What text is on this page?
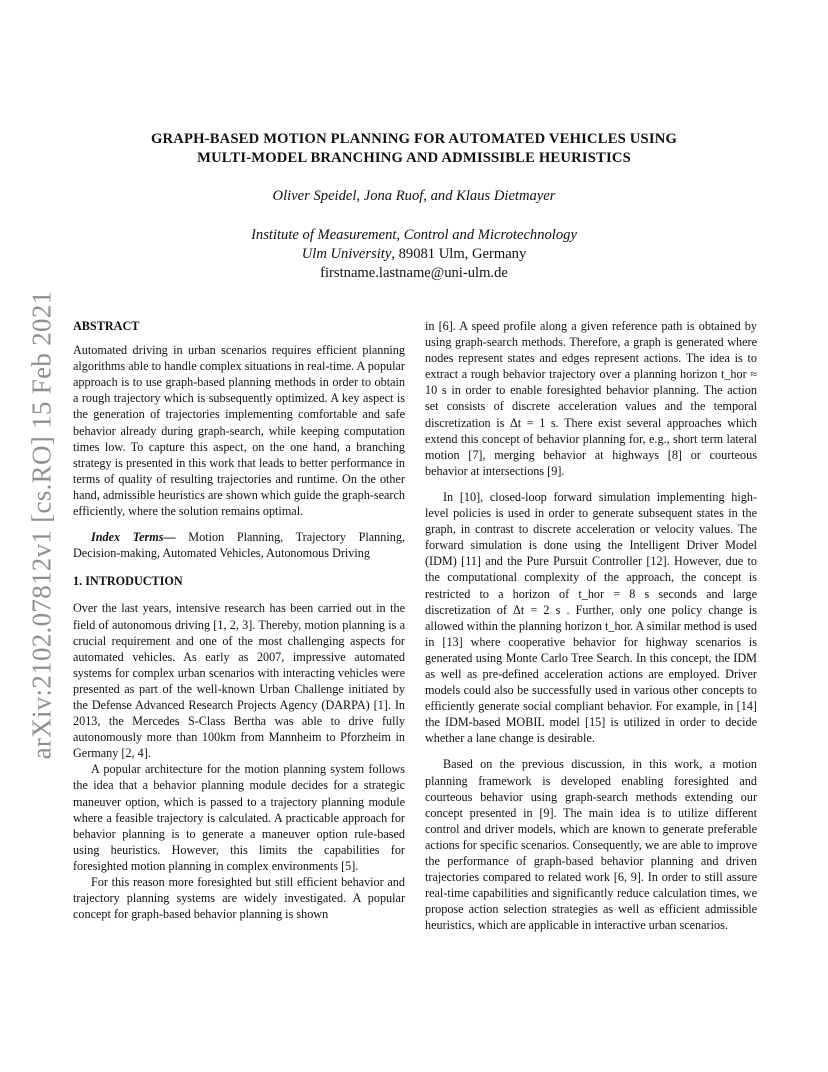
arXiv:2102.07812v1 [cs.RO] 15 Feb 2021
GRAPH-BASED MOTION PLANNING FOR AUTOMATED VEHICLES USING
MULTI-MODEL BRANCHING AND ADMISSIBLE HEURISTICS
Oliver Speidel, Jona Ruof, and Klaus Dietmayer
Institute of Measurement, Control and Microtechnology
Ulm University, 89081 Ulm, Germany
firstname.lastname@uni-ulm.de

ABSTRACT

Automated driving in urban scenarios requires efficient planning algorithms able to handle complex situations in real-time. A popular approach is to use graph-based planning methods in order to obtain a rough trajectory which is subsequently optimized. A key aspect is the generation of trajectories implementing comfortable and safe behavior already during graph-search, while keeping computation times low. To capture this aspect, on the one hand, a branching strategy is presented in this work that leads to better performance in terms of quality of resulting trajectories and runtime. On the other hand, admissible heuristics are shown which guide the graph-search efficiently, where the solution remains optimal.

Index Terms— Motion Planning, Trajectory Planning, Decision-making, Automated Vehicles, Autonomous Driving

1. INTRODUCTION

Over the last years, intensive research has been carried out in the field of autonomous driving [1, 2, 3]. Thereby, motion planning is a crucial requirement and one of the most challenging aspects for automated vehicles. As early as 2007, impressive automated systems for complex urban scenarios with interacting vehicles were presented as part of the well-known Urban Challenge initiated by the Defense Advanced Research Projects Agency (DARPA) [1]. In 2013, the Mercedes S-Class Bertha was able to drive fully autonomously more than 100km from Mannheim to Pforzheim in Germany [2, 4].

A popular architecture for the motion planning system follows the idea that a behavior planning module decides for a strategic maneuver option, which is passed to a trajectory planning module where a feasible trajectory is calculated. A practicable approach for behavior planning is to generate a maneuver option rule-based using heuristics. However, this limits the capabilities for foresighted motion planning in complex environments [5].

For this reason more foresighted but still efficient behavior and trajectory planning systems are widely investigated. A popular concept for graph-based behavior planning is shown

in [6]. A speed profile along a given reference path is obtained by using graph-search methods. Therefore, a graph is generated where nodes represent states and edges represent actions. The idea is to extract a rough behavior trajectory over a planning horizon t_hor ≈ 10 s in order to enable foresighted behavior planning. The action set consists of discrete acceleration values and the temporal discretization is Δt = 1 s. There exist several approaches which extend this concept of behavior planning for, e.g., short term lateral motion [7], merging behavior at highways [8] or courteous behavior at intersections [9].

In [10], closed-loop forward simulation implementing high-level policies is used in order to generate subsequent states in the graph, in contrast to discrete acceleration or velocity values. The forward simulation is done using the Intelligent Driver Model (IDM) [11] and the Pure Pursuit Controller [12]. However, due to the computational complexity of the approach, the concept is restricted to a horizon of t_hor = 8 s seconds and large discretization of Δt = 2 s . Further, only one policy change is allowed within the planning horizon t_hor. A similar method is used in [13] where cooperative behavior for highway scenarios is generated using Monte Carlo Tree Search. In this concept, the IDM as well as pre-defined acceleration actions are employed. Driver models could also be successfully used in various other concepts to efficiently generate social compliant behavior. For example, in [14] the IDM-based MOBIL model [15] is utilized in order to decide whether a lane change is desirable.

Based on the previous discussion, in this work, a motion planning framework is developed enabling foresighted and courteous behavior using graph-search methods extending our concept presented in [9]. The main idea is to utilize different control and driver models, which are known to generate preferable actions for specific scenarios. Consequently, we are able to improve the performance of graph-based behavior planning and driven trajectories compared to related work [6, 9]. In order to still assure real-time capabilities and significantly reduce calculation times, we propose action selection strategies as well as efficient admissible heuristics, which are applicable in interactive urban scenarios.
